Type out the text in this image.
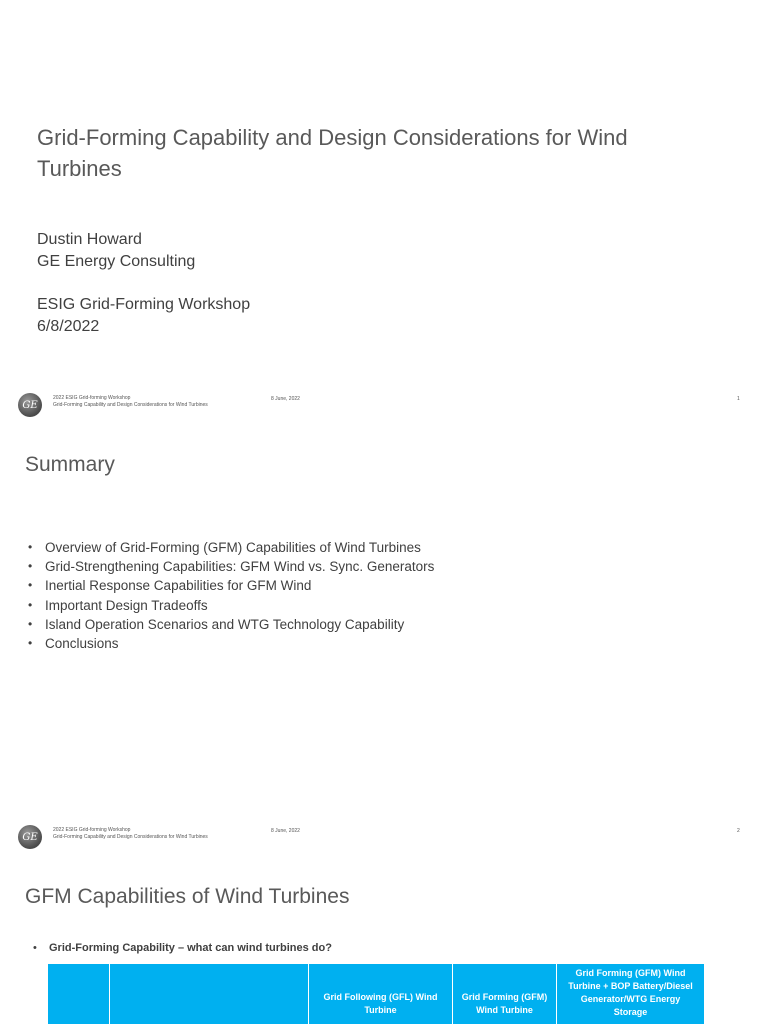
Grid-Forming Capability and Design Considerations for Wind Turbines
Dustin Howard
GE Energy Consulting
ESIG Grid-Forming Workshop
6/8/2022
GE
2022 ESIG Grid-forming Workshop
Grid-Forming Capability and Design Considerations for Wind Turbines
8 June, 2022	1
Summary
• Overview of Grid-Forming (GFM) Capabilities of Wind Turbines
• Grid-Strengthening Capabilities: GFM Wind vs. Sync. Generators
• Inertial Response Capabilities for GFM Wind
• Important Design Tradeoffs
• Island Operation Scenarios and WTG Technology Capability
• Conclusions
GE
2022 ESIG Grid-forming Workshop
Grid-Forming Capability and Design Considerations for Wind Turbines
8 June, 2022	2
GFM Capabilities of Wind Turbines
• Grid-Forming Capability – what can wind turbines do?
Grid Following (GFL) Wind Turbine
Grid Forming (GFM) Wind Turbine
Grid Forming (GFM) Wind Turbine + BOP Battery/Diesel Generator/WTG Energy Storage
